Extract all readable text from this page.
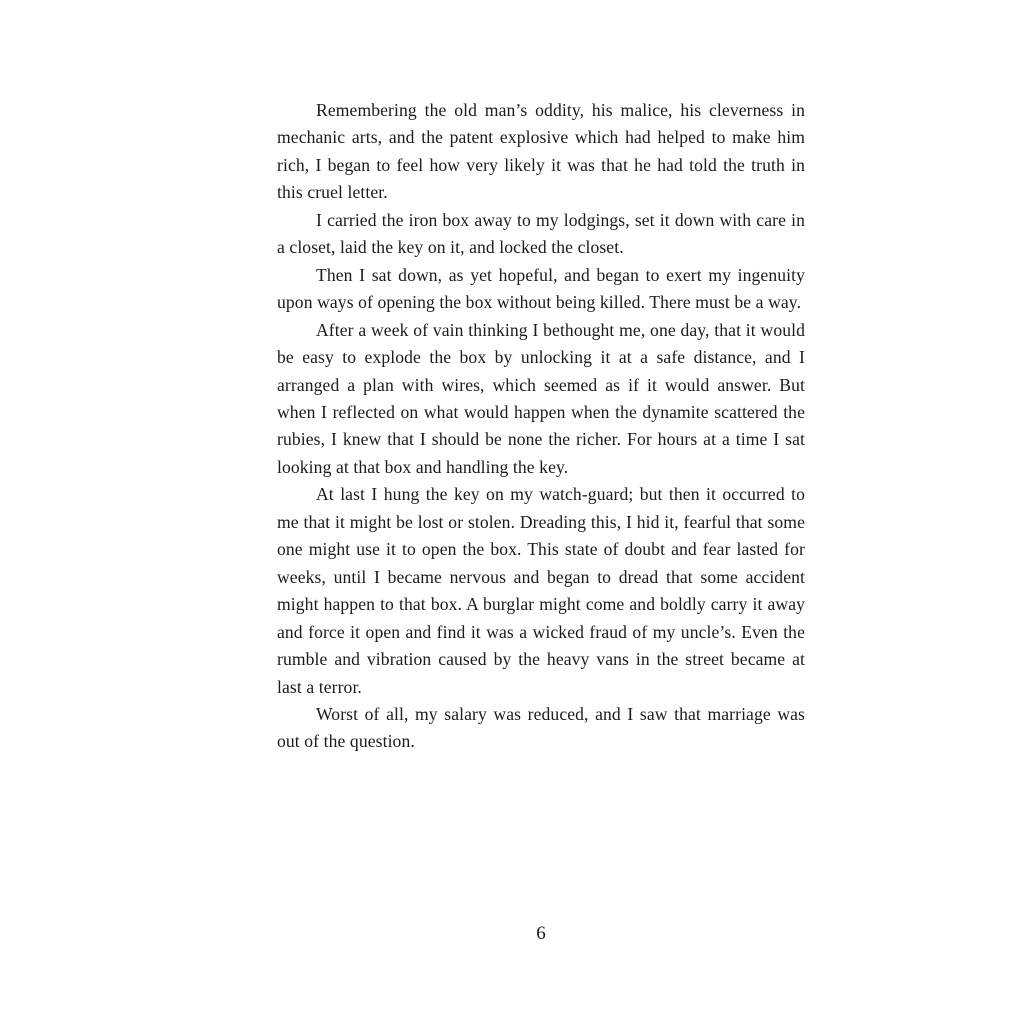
Remembering the old man’s oddity, his malice, his cleverness in mechanic arts, and the patent explosive which had helped to make him rich, I began to feel how very likely it was that he had told the truth in this cruel letter.

I carried the iron box away to my lodgings, set it down with care in a closet, laid the key on it, and locked the closet.

Then I sat down, as yet hopeful, and began to exert my ingenuity upon ways of opening the box without being killed. There must be a way.

After a week of vain thinking I bethought me, one day, that it would be easy to explode the box by unlocking it at a safe distance, and I arranged a plan with wires, which seemed as if it would answer. But when I reflected on what would happen when the dynamite scattered the rubies, I knew that I should be none the richer. For hours at a time I sat looking at that box and handling the key.

At last I hung the key on my watch-guard; but then it occurred to me that it might be lost or stolen. Dreading this, I hid it, fearful that some one might use it to open the box. This state of doubt and fear lasted for weeks, until I became nervous and began to dread that some accident might happen to that box. A burglar might come and boldly carry it away and force it open and find it was a wicked fraud of my uncle’s. Even the rumble and vibration caused by the heavy vans in the street became at last a terror.

Worst of all, my salary was reduced, and I saw that marriage was out of the question.

6
